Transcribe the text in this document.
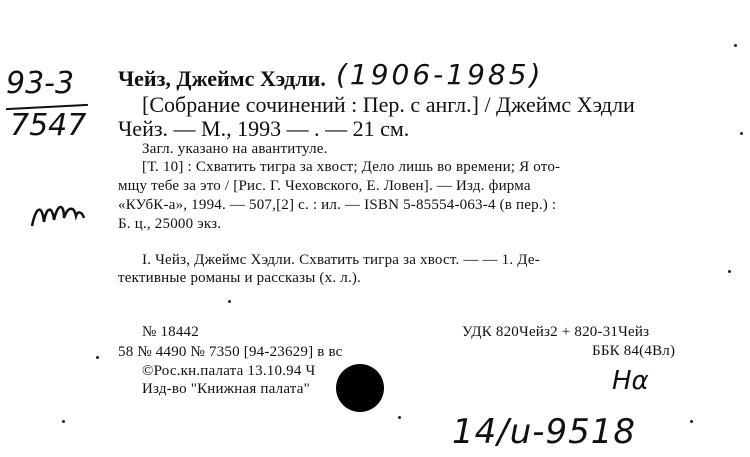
93-3
7547
Чейз, Джеймс Хэдли. (1906-1985)
[Собрание сочинений : Пер. с англ.] / Джеймс Хэдли
Чейз. — М., 1993 — . — 21 см.
Загл. указано на авантитуле.
[Т. 10] : Схватить тигра за хвост; Дело лишь во времени; Я ото-
мщу тебе за это / [Рис. Г. Чеховского, Е. Ловен]. — Изд. фирма
«КУбК-а», 1994. — 507,[2] с. : ил. — ISBN 5-85554-063-4 (в пер.) :
Б. ц., 25000 экз.
I. Чейз, Джеймс Хэдли. Схватить тигра за хвост. — — 1. Де-
тективные романы и рассказы (х. л.).
№ 18442
58 № 4490 № 7350 [94-23629] в вс
©Рос.кн.палата 13.10.94 Ч
Изд-во "Книжная палата"
УДК 820Чейз2 + 820-31Чейз
ББК 84(4Вл)
Нα
14/u-9518
